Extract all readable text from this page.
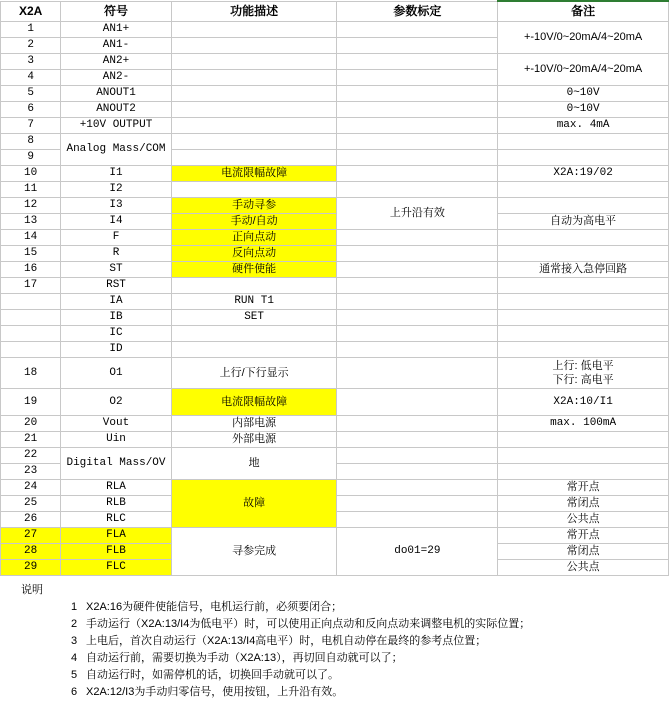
X2A	符号	功能描述	参数标定	备注
1	AN1+			+-10V/0~20mA/4~20mA
2	AN1-			
3	AN2+			+-10V/0~20mA/4~20mA
4	AN2-			
5	ANOUT1			0~10V
6	ANOUT2			0~10V
7	+10V OUTPUT			max. 4mA
8	Analog Mass/COM			
9				
10	I1	电流限幅故障		X2A:19/02
11	I2			
12	I3	手动寻参	上升沿有效	
13	I4	手动/自动		自动为高电平
14	F	正向点动		
15	R	反向点动		
16	ST	硬件使能		通常接入急停回路
17	RST			
	IA	RUN T1		
	IB	SET		
	IC			
	ID			
18	O1	上行/下行显示		上行: 低电平
下行: 高电平

19	O2	电流限幅故障		X2A:10/I1
20	Vout	内部电源		max. 100mA
21	Uin	外部电源		
22	Digital Mass/OV	地		
23				
24	RLA	故障		常开点
25	RLB			常闭点
26	RLC			公共点
27	FLA	寻参完成	do01=29	常开点
28	FLB			常闭点
29	FLC			公共点
说明		
	1	X2A:16为硬件使能信号，电机运行前，必须要闭合；
	2	手动运行（X2A:13/I4为低电平）时，可以使用正向点动和反向点动来调整电机的实际位置；
	3	上电后，首次自动运行（X2A:13/I4高电平）时，电机自动停在最终的参考点位置；
	4	自动运行前，需要切换为手动（X2A:13），再切回自动就可以了；
	5	自动运行时，如需停机的话，切换回手动就可以了。
	6	X2A:12/I3为手动归零信号，使用按钮，上升沿有效。
